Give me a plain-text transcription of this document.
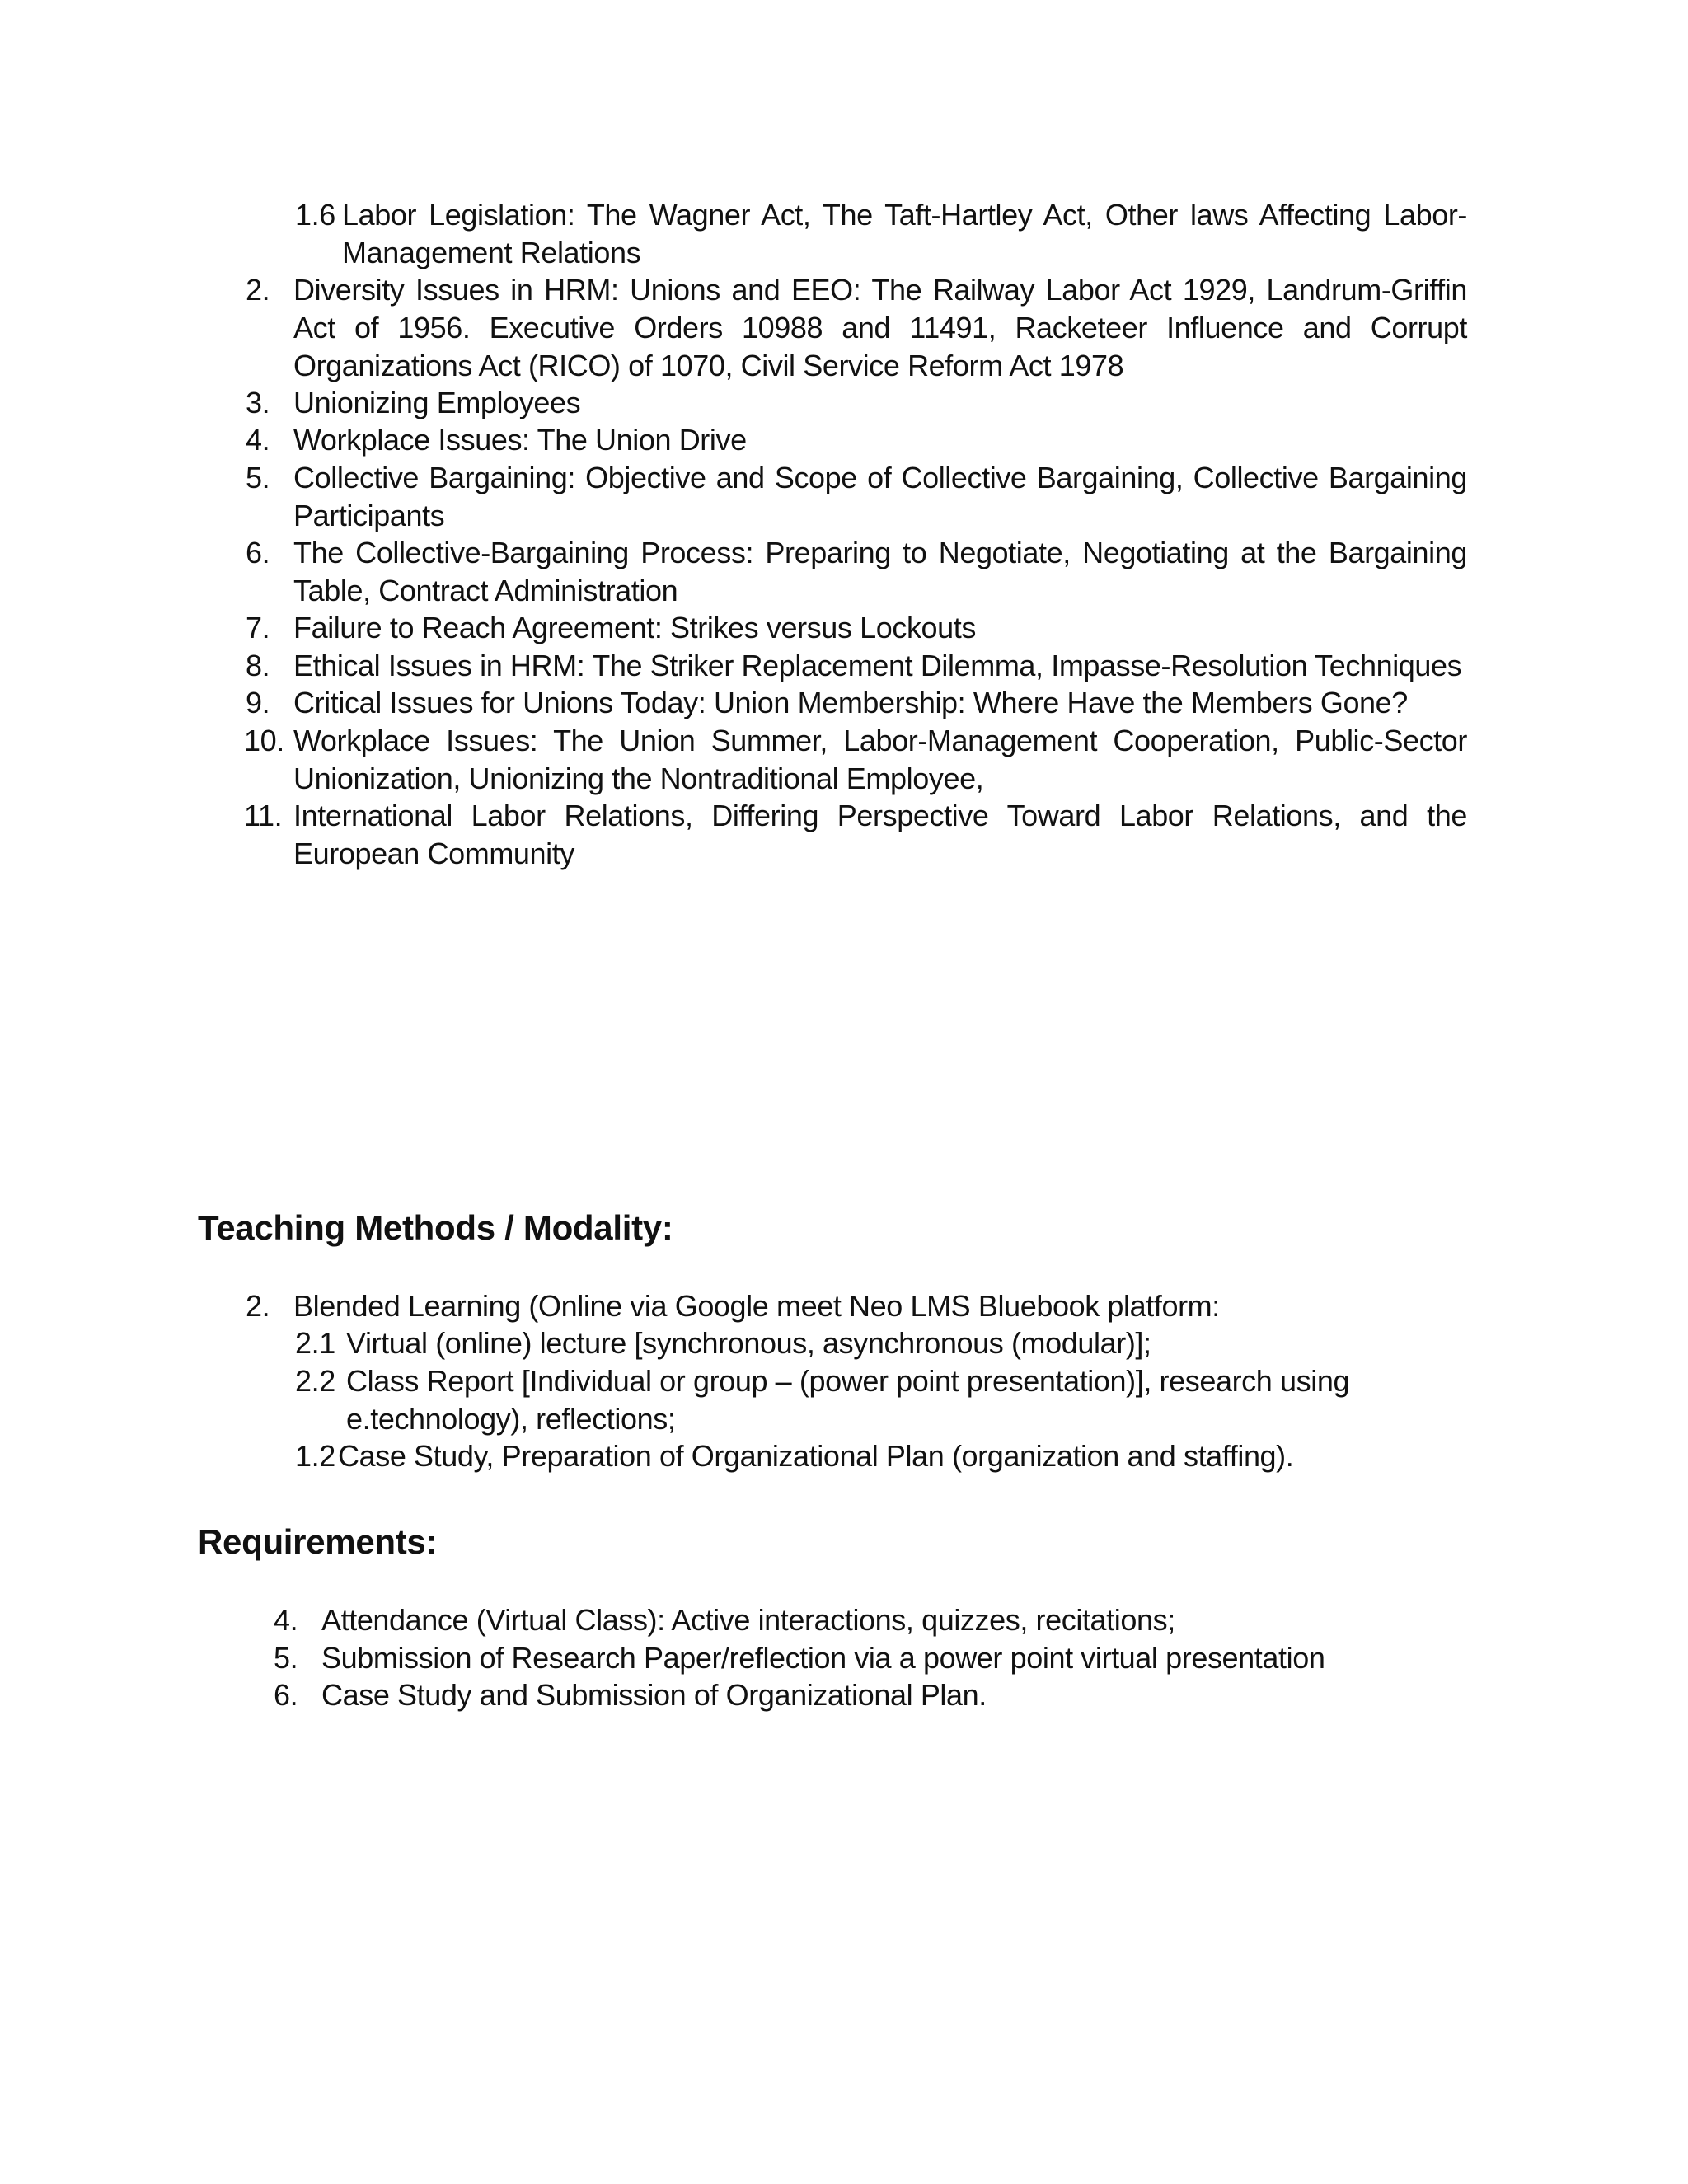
1.6 Labor Legislation: The Wagner Act, The Taft-Hartley Act, Other laws Affecting Labor-Management Relations
2. Diversity Issues in HRM: Unions and EEO: The Railway Labor Act 1929, Landrum-Griffin Act of 1956. Executive Orders 10988 and 11491, Racketeer Influence and Corrupt Organizations Act (RICO) of 1070, Civil Service Reform Act 1978
3. Unionizing Employees
4. Workplace Issues: The Union Drive
5. Collective Bargaining: Objective and Scope of Collective Bargaining, Collective Bargaining Participants
6. The Collective-Bargaining Process: Preparing to Negotiate, Negotiating at the Bargaining Table, Contract Administration
7. Failure to Reach Agreement: Strikes versus Lockouts
8. Ethical Issues in HRM: The Striker Replacement Dilemma, Impasse-Resolution Techniques
9. Critical Issues for Unions Today: Union Membership: Where Have the Members Gone?
10. Workplace Issues: The Union Summer, Labor-Management Cooperation, Public-Sector Unionization, Unionizing the Nontraditional Employee,
11. International Labor Relations, Differing Perspective Toward Labor Relations, and the European Community
Teaching Methods / Modality:
2. Blended Learning (Online via Google meet Neo LMS Bluebook platform:
2.1 Virtual (online) lecture [synchronous, asynchronous (modular)];
2.2 Class Report [Individual or group – (power point presentation)], research using e.technology), reflections;
1.2 Case Study, Preparation of Organizational Plan (organization and staffing).
Requirements:
4. Attendance (Virtual Class): Active interactions, quizzes, recitations;
5. Submission of Research Paper/reflection via a power point virtual presentation
6. Case Study and Submission of Organizational Plan.
